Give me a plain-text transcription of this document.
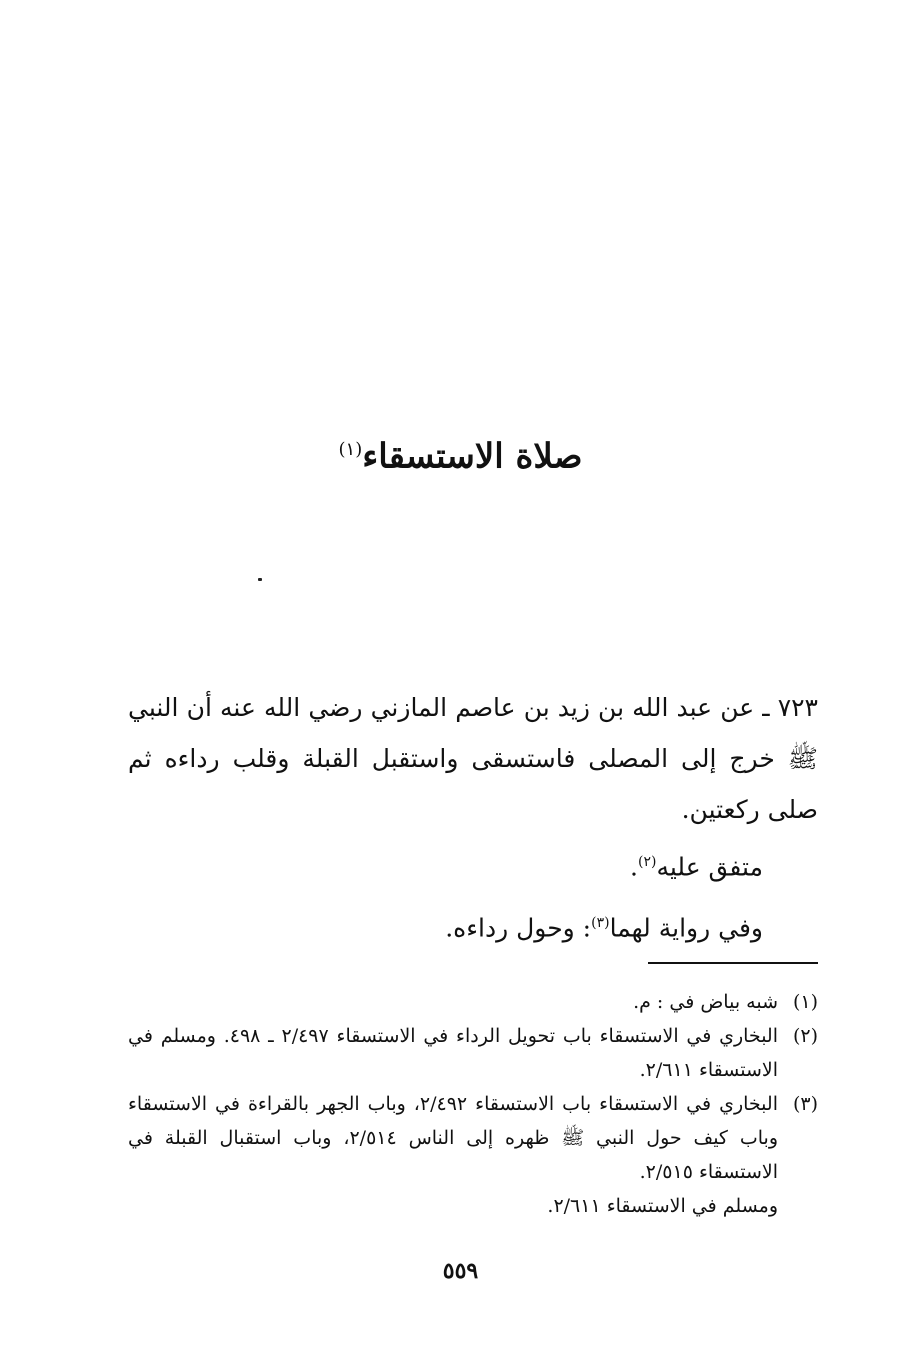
صلاة الاستسقاء$^{(١)}$

٧٢٣ ـ عن عبد الله بن زيد بن عاصم المازني رضي الله عنه أن النبي ﷺ خرج إلى المصلى فاستسقى واستقبل القبلة وقلب رداءه ثم صلى ركعتين.

متفق عليه$^{(٢)}$.

وفي رواية لهما$^{(٣)}$: وحول رداءه.

(١)
شبه بياض في : م.
(٢)
البخاري في الاستسقاء باب تحويل الرداء في الاستسقاء ٢/٤٩٧ ـ ٤٩٨. ومسلم في الاستسقاء ٢/٦١١.
(٣)
البخاري في الاستسقاء باب الاستسقاء ٢/٤٩٢، وباب الجهر بالقراءة في الاستسقاء وباب كيف حول النبي ﷺ ظهره إلى الناس ٢/٥١٤، وباب استقبال القبلة في الاستسقاء ٢/٥١٥.

ومسلم في الاستسقاء ٢/٦١١.

٥٥٩
